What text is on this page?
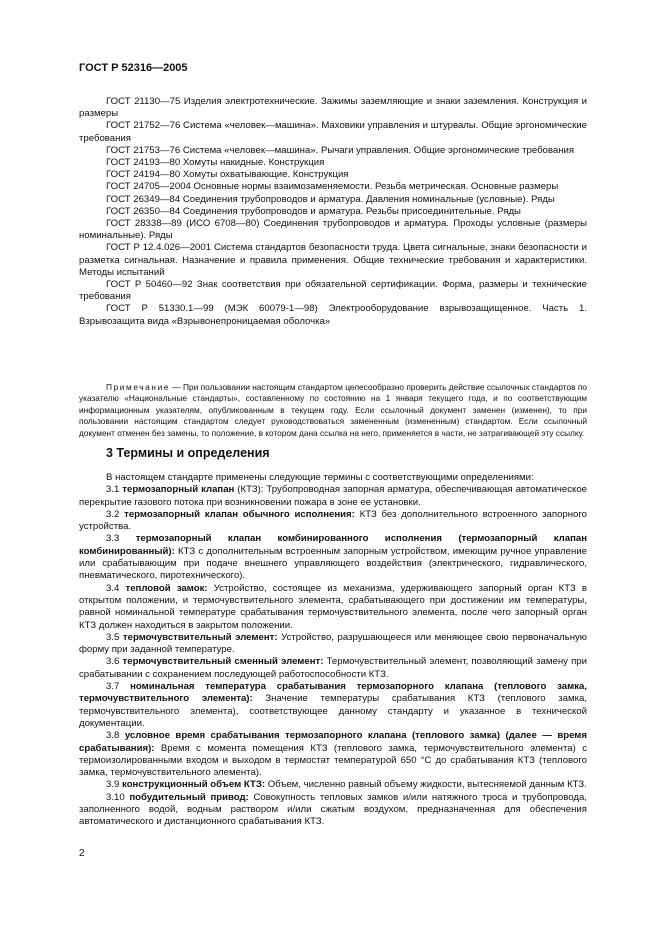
ГОСТ Р 52316—2005

ГОСТ 21130—75 Изделия электротехнические. Зажимы заземляющие и знаки заземления. Конструкция и размеры

ГОСТ 21752—76 Система «человек—машина». Маховики управления и штурвалы. Общие эргономические требования

ГОСТ 21753—76 Система «человек—машина». Рычаги управления. Общие эргономические требования

ГОСТ 24193—80 Хомуты накидные. Конструкция

ГОСТ 24194—80 Хомуты охватывающие. Конструкция

ГОСТ 24705—2004 Основные нормы взаимозаменяемости. Резьба метрическая. Основные размеры

ГОСТ 26349—84 Соединения трубопроводов и арматура. Давления номинальные (условные). Ряды

ГОСТ 26350—84 Соединения трубопроводов и арматура. Резьбы присоединительные. Ряды

ГОСТ 28338—89 (ИСО 6708—80) Соединения трубопроводов и арматура. Проходы условные (размеры номинальные). Ряды

ГОСТ Р 12.4.026—2001 Система стандартов безопасности труда. Цвета сигнальные, знаки безопасности и разметка сигнальная. Назначение и правила применения. Общие технические требования и характеристики. Методы испытаний

ГОСТ Р 50460—92 Знак соответствия при обязательной сертификации. Форма, размеры и технические требования

ГОСТ Р 51330.1—99 (МЭК 60079-1—98) Электрооборудование взрывозащищенное. Часть 1. Взрывозащита вида «Взрывонепроницаемая оболочка»

Примечание — При пользовании настоящим стандартом целесообразно проверить действие ссылочных стандартов по указателю «Национальные стандарты», составленному по состоянию на 1 января текущего года, и по соответствующим информационным указателям, опубликованным в текущем году. Если ссылочный документ заменен (изменен), то при пользовании настоящим стандартом следует руководствоваться замененным (измененным) стандартом. Если ссылочный документ отменен без замены, то положение, в котором дана ссылка на него, применяется в части, не затрагивающей эту ссылку.

3 Термины и определения

В настоящем стандарте применены следующие термины с соответствующими определениями:

3.1 термозапорный клапан (КТЗ): Трубопроводная запорная арматура, обеспечивающая автоматическое перекрытие газового потока при возникновении пожара в зоне ее установки.

3.2 термозапорный клапан обычного исполнения: КТЗ без дополнительного встроенного запорного устройства.

3.3 термозапорный клапан комбинированного исполнения (термозапорный клапан комбинированный): КТЗ с дополнительным встроенным запорным устройством, имеющим ручное управление или срабатывающим при подаче внешнего управляющего воздействия (электрического, гидравлического, пневматического, пиротехнического).

3.4 тепловой замок: Устройство, состоящее из механизма, удерживающего запорный орган КТЗ в открытом положении, и термочувствительного элемента, срабатывающего при достижении им температуры, равной номинальной температуре срабатывания термочувствительного элемента, после чего запорный орган КТЗ должен находиться в закрытом положении.

3.5 термочувствительный элемент: Устройство, разрушающееся или меняющее свою первоначальную форму при заданной температуре.

3.6 термочувствительный сменный элемент: Термочувствительный элемент, позволяющий замену при срабатывании с сохранением последующей работоспособности КТЗ.

3.7 номинальная температура срабатывания термозапорного клапана (теплового замка, термочувствительного элемента): Значение температуры срабатывания КТЗ (теплового замка, термочувствительного элемента), соответствующее данному стандарту и указанное в технической документации.

3.8 условное время срабатывания термозапорного клапана (теплового замка) (далее — время срабатывания): Время с момента помещения КТЗ (теплового замка, термочувствительного элемента) с термоизолированными входом и выходом в термостат температурой 650 °С до срабатывания КТЗ (теплового замка, термочувствительного элемента).

3.9 конструкционный объем КТЗ: Объем, численно равный объему жидкости, вытесняемой данным КТЗ.

3.10 побудительный привод: Совокупность тепловых замков и/или натяжного троса и трубопровода, заполненного водой, водным раствором и/или сжатым воздухом, предназначенная для обеспечения автоматического и дистанционного срабатывания КТЗ.

2
